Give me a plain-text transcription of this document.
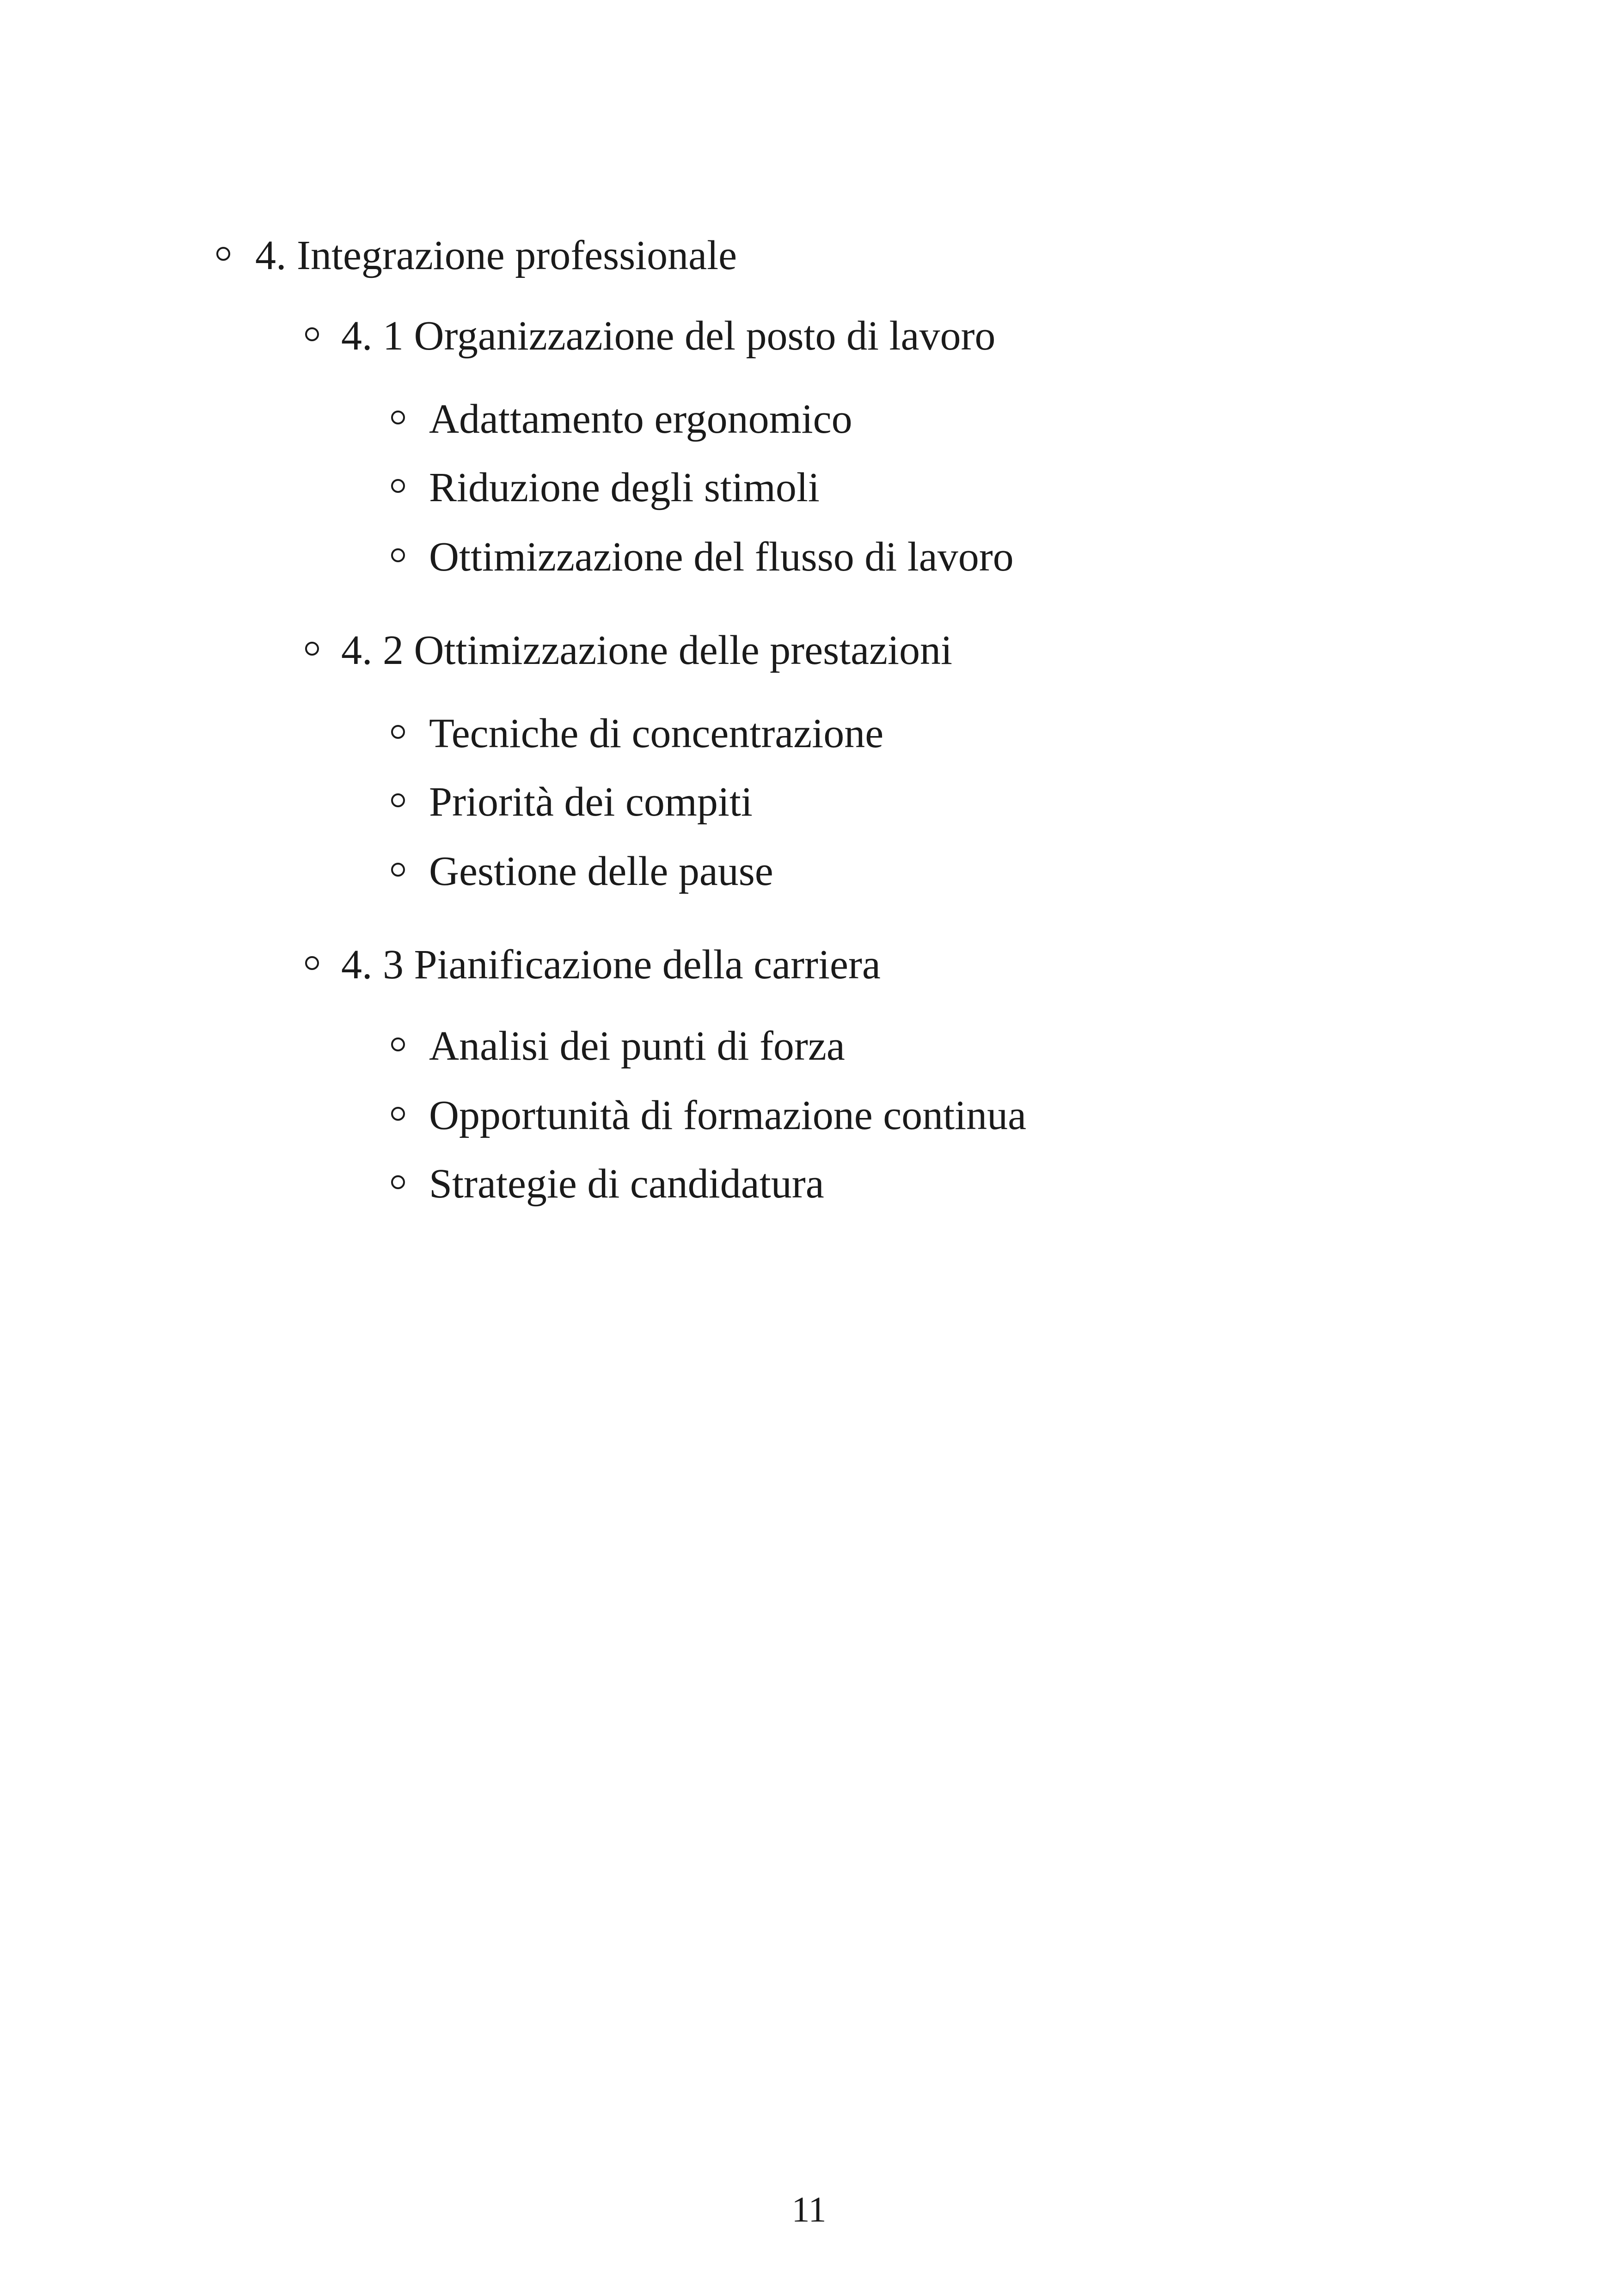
4. Integrazione professionale
4. 1 Organizzazione del posto di lavoro
Adattamento ergonomico
Riduzione degli stimoli
Ottimizzazione del flusso di lavoro
4. 2 Ottimizzazione delle prestazioni
Tecniche di concentrazione
Priorità dei compiti
Gestione delle pause
4. 3 Pianificazione della carriera
Analisi dei punti di forza
Opportunità di formazione continua
Strategie di candidatura
11
